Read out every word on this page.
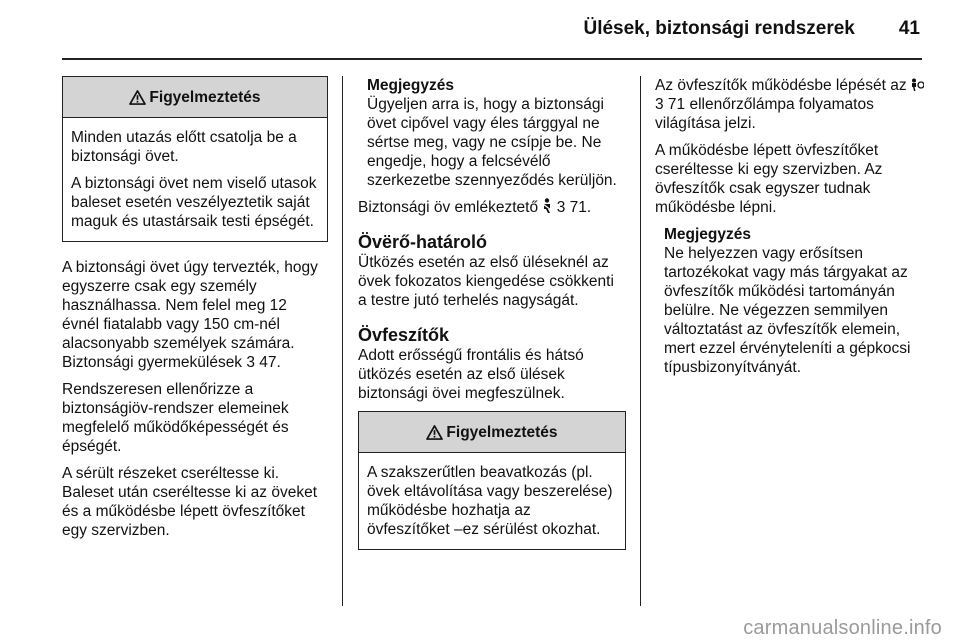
Ülések, biztonsági rendszerek 41
Figyelmeztetés

Minden utazás előtt csatolja be a biztonsági övet.

A biztonsági övet nem viselő utasok baleset esetén veszélyeztetik saját maguk és utastársaik testi épségét.

A biztonsági övet úgy tervezték, hogy egyszerre csak egy személy használhassa. Nem felel meg 12 évnél fiatalabb vagy 150 cm-nél alacsonyabb személyek számára. Biztonsági gyermekülések 3 47.

Rendszeresen ellenőrizze a biztonságiöv-rendszer elemeinek megfelelő működőképességét és épségét.

A sérült részeket cseréltesse ki. Baleset után cseréltesse ki az öveket és a működésbe lépett övfeszítőket egy szervizben.

Megjegyzés

Ügyeljen arra is, hogy a biztonsági övet cipővel vagy éles tárggyal ne sértse meg, vagy ne csípje be. Ne engedje, hogy a felcsévélő szerkezetbe szennyeződés kerüljön.

Biztonsági öv emlékeztető  3 71.

Övërő-határoló

Ütközés esetén az első üléseknél az övek fokozatos kiengedése csökkenti a testre jutó terhelés nagyságát.

Övfeszítők

Adott erősségű frontális és hátsó ütközés esetén az első ülések biztonsági övei megfeszülnek.

Figyelmeztetés

A szakszerűtlen beavatkozás (pl. övek eltávolítása vagy beszerelése) működésbe hozhatja az övfeszítőket –ez sérülést okozhat.

Az övfeszítők működésbe lépését az  3 71 ellenőrzőlámpa folyamatos világítása jelzi.

A működésbe lépett övfeszítőket cseréltesse ki egy szervizben. Az övfeszítők csak egyszer tudnak működésbe lépni.

Megjegyzés

Ne helyezzen vagy erősítsen tartozékokat vagy más tárgyakat az övfeszítők működési tartományán belülre. Ne végezzen semmilyen változtatást az övfeszítők elemein, mert ezzel érvényteleníti a gépkocsi típusbizonyítványát.

carmanualsonline.info
